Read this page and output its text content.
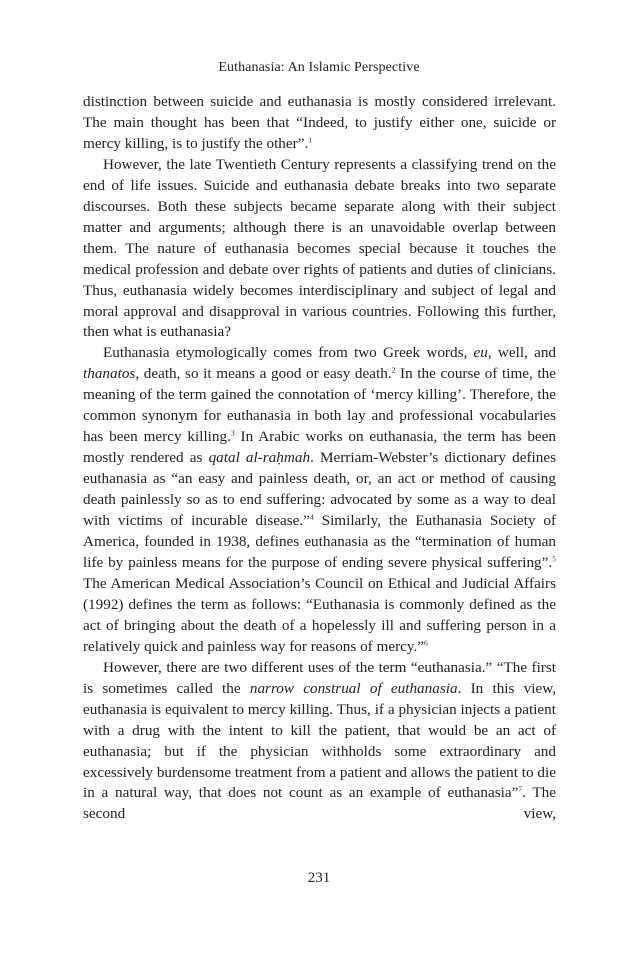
Euthanasia: An Islamic Perspective

distinction between suicide and euthanasia is mostly considered irrelevant. The main thought has been that “Indeed, to justify either one, suicide or mercy killing, is to justify the other”.$^1$

However, the late Twentieth Century represents a classifying trend on the end of life issues. Suicide and euthanasia debate breaks into two separate discourses. Both these subjects became separate along with their subject matter and arguments; although there is an unavoidable overlap between them. The nature of euthanasia becomes special because it touches the medical profession and debate over rights of patients and duties of clinicians. Thus, euthanasia widely becomes interdisciplinary and subject of legal and moral approval and disapproval in various countries. Following this further, then what is euthanasia?

Euthanasia etymologically comes from two Greek words, eu, well, and thanatos, death, so it means a good or easy death.$^2$ In the course of time, the meaning of the term gained the connotation of ‘mercy killing’. Therefore, the common synonym for euthanasia in both lay and professional vocabularies has been mercy killing.$^3$ In Arabic works on euthanasia, the term has been mostly rendered as qatal al-raḥmah. Merriam-Webster’s dictionary defines euthanasia as “an easy and painless death, or, an act or method of causing death painlessly so as to end suffering: advocated by some as a way to deal with victims of incurable disease.”$^4$ Similarly, the Euthanasia Society of America, founded in 1938, defines euthanasia as the “termination of human life by painless means for the purpose of ending severe physical suffering”.$^5$ The American Medical Association’s Council on Ethical and Judicial Affairs (1992) defines the term as follows: “Euthanasia is commonly defined as the act of bringing about the death of a hopelessly ill and suffering person in a relatively quick and painless way for reasons of mercy.”$^6$

However, there are two different uses of the term “euthanasia.” “The first is sometimes called the narrow construal of euthanasia. In this view, euthanasia is equivalent to mercy killing. Thus, if a physician injects a patient with a drug with the intent to kill the patient, that would be an act of euthanasia; but if the physician withholds some extraordinary and excessively burdensome treatment from a patient and allows the patient to die in a natural way, that does not count as an example of euthanasia”$^7$. The second view,

231
